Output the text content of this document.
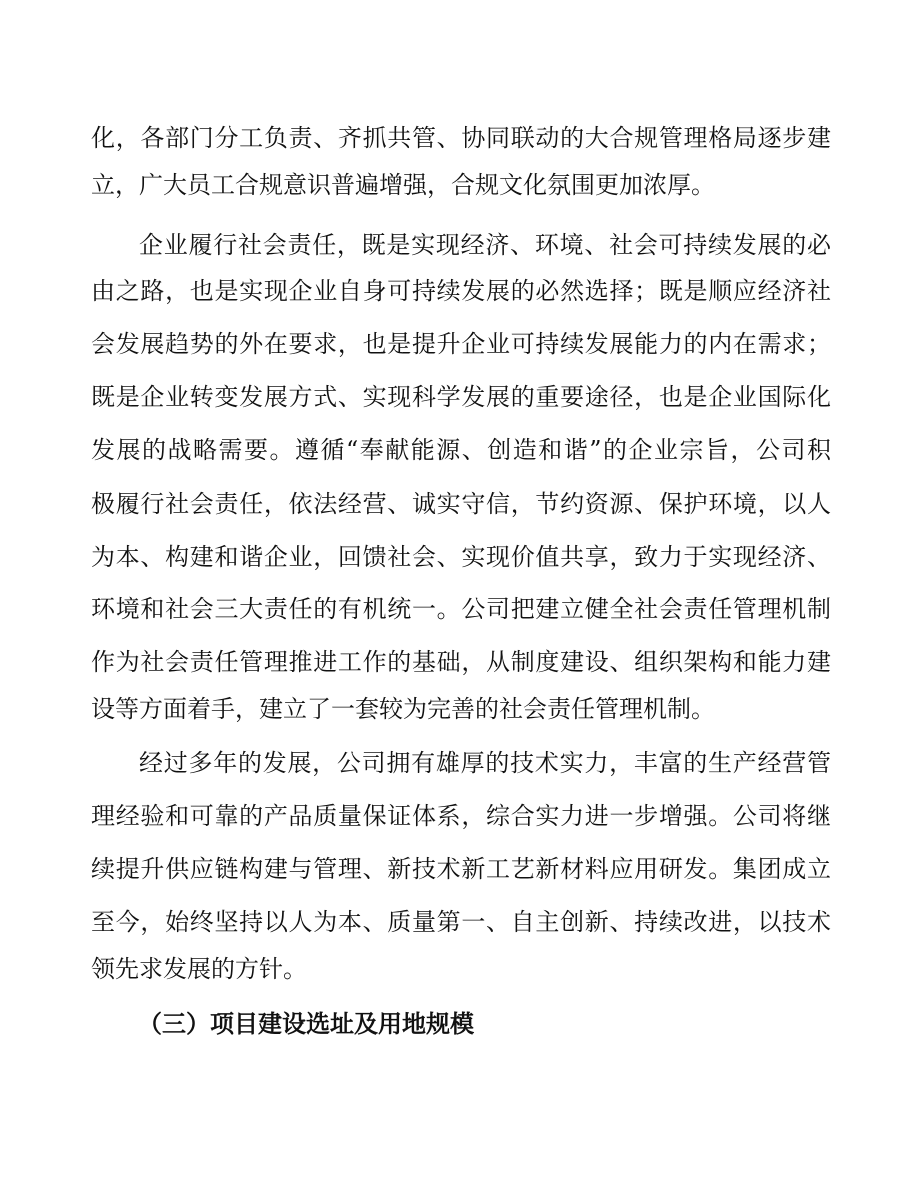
化，各部门分工负责、齐抓共管、协同联动的大合规管理格局逐步建
立，广大员工合规意识普遍增强，合规文化氛围更加浓厚。
企业履行社会责任，既是实现经济、环境、社会可持续发展的必
由之路，也是实现企业自身可持续发展的必然选择；既是顺应经济社
会发展趋势的外在要求，也是提升企业可持续发展能力的内在需求；
既是企业转变发展方式、实现科学发展的重要途径，也是企业国际化
发展的战略需要。遵循“奉献能源、创造和谐”的企业宗旨，公司积
极履行社会责任，依法经营、诚实守信，节约资源、保护环境，以人
为本、构建和谐企业，回馈社会、实现价值共享，致力于实现经济、
环境和社会三大责任的有机统一。公司把建立健全社会责任管理机制
作为社会责任管理推进工作的基础，从制度建设、组织架构和能力建
设等方面着手，建立了一套较为完善的社会责任管理机制。
经过多年的发展，公司拥有雄厚的技术实力，丰富的生产经营管
理经验和可靠的产品质量保证体系，综合实力进一步增强。公司将继
续提升供应链构建与管理、新技术新工艺新材料应用研发。集团成立
至今，始终坚持以人为本、质量第一、自主创新、持续改进，以技术
领先求发展的方针。
（三）项目建设选址及用地规模
